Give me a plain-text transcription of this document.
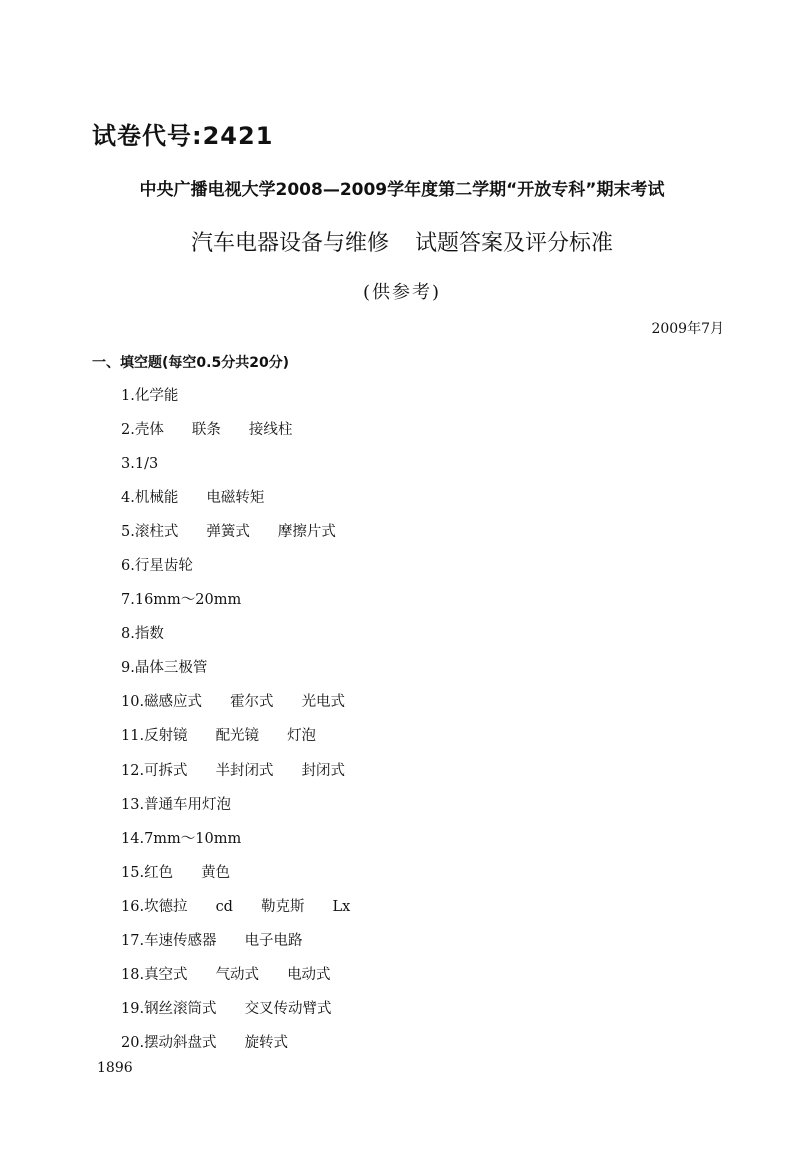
试卷代号:2421
中央广播电视大学2008—2009学年度第二学期“开放专科”期末考试
汽车电器设备与维修 试题答案及评分标准
(供参考)
2009年7月
一、填空题(每空0.5分共20分)
1.化学能
2.壳体 联条 接线柱
3.1/3
4.机械能 电磁转矩
5.滚柱式 弹簧式 摩擦片式
6.行星齿轮
7.16mm～20mm
8.指数
9.晶体三极管
10.磁感应式 霍尔式 光电式
11.反射镜 配光镜 灯泡
12.可拆式 半封闭式 封闭式
13.普通车用灯泡
14.7mm～10mm
15.红色 黄色
16.坎德拉 cd 勒克斯 Lx
17.车速传感器 电子电路
18.真空式 气动式 电动式
19.钢丝滚筒式 交叉传动臂式
20.摆动斜盘式 旋转式
1896
